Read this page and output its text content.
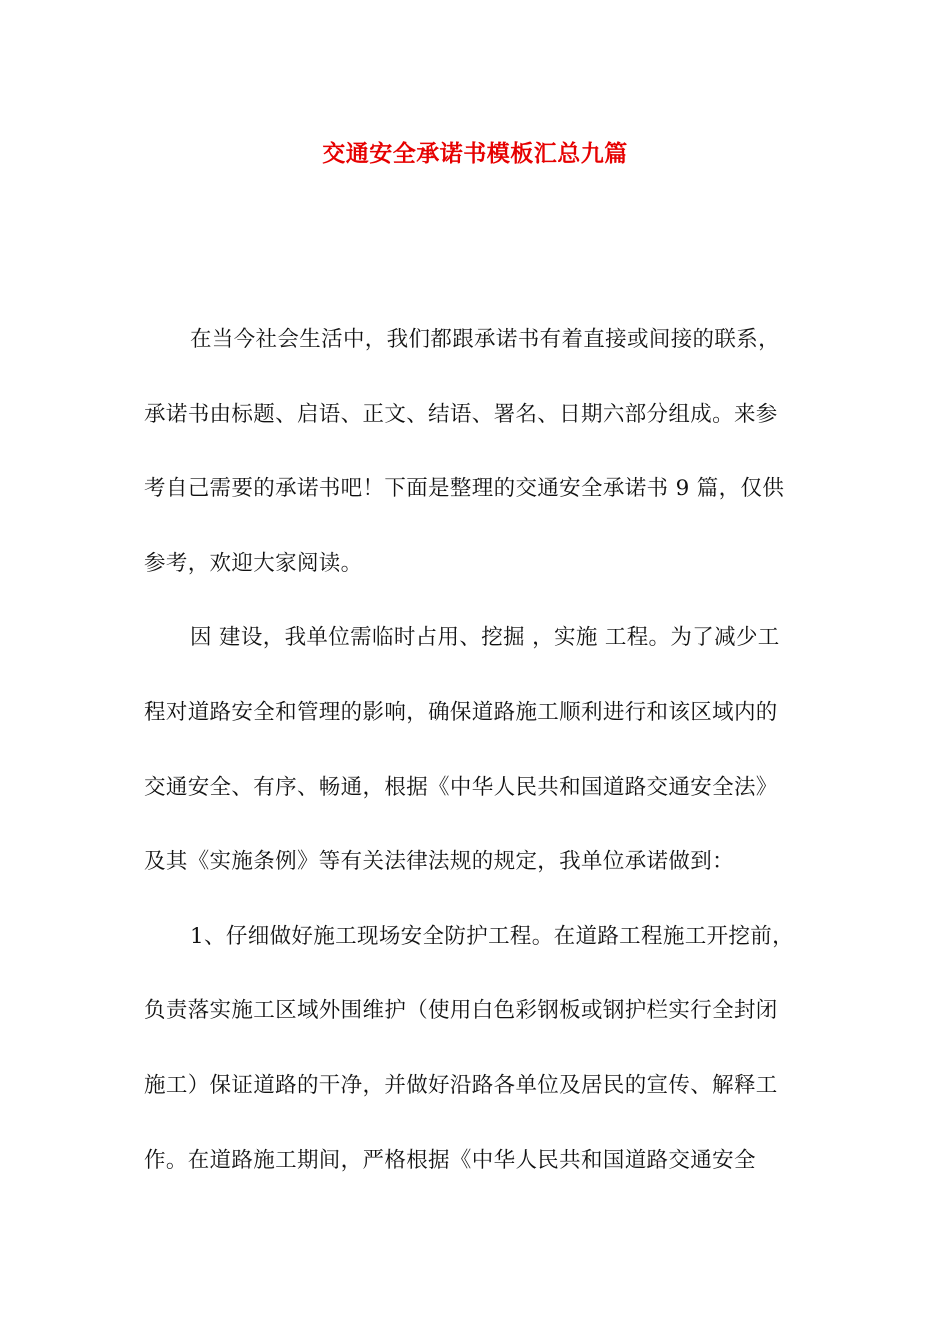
交通安全承诺书模板汇总九篇
在当今社会生活中，我们都跟承诺书有着直接或间接的联系，
承诺书由标题、启语、正文、结语、署名、日期六部分组成。来参
考自己需要的承诺书吧！下面是整理的交通安全承诺书 9 篇，仅供
参考，欢迎大家阅读。
因 建设，我单位需临时占用、挖掘 ，实施 工程。为了减少工
程对道路安全和管理的影响，确保道路施工顺利进行和该区域内的
交通安全、有序、畅通，根据《中华人民共和国道路交通安全法》
及其《实施条例》等有关法律法规的规定，我单位承诺做到：
1、仔细做好施工现场安全防护工程。在道路工程施工开挖前，
负责落实施工区域外围维护（使用白色彩钢板或钢护栏实行全封闭
施工）保证道路的干净，并做好沿路各单位及居民的宣传、解释工
作。在道路施工期间，严格根据《中华人民共和国道路交通安全
